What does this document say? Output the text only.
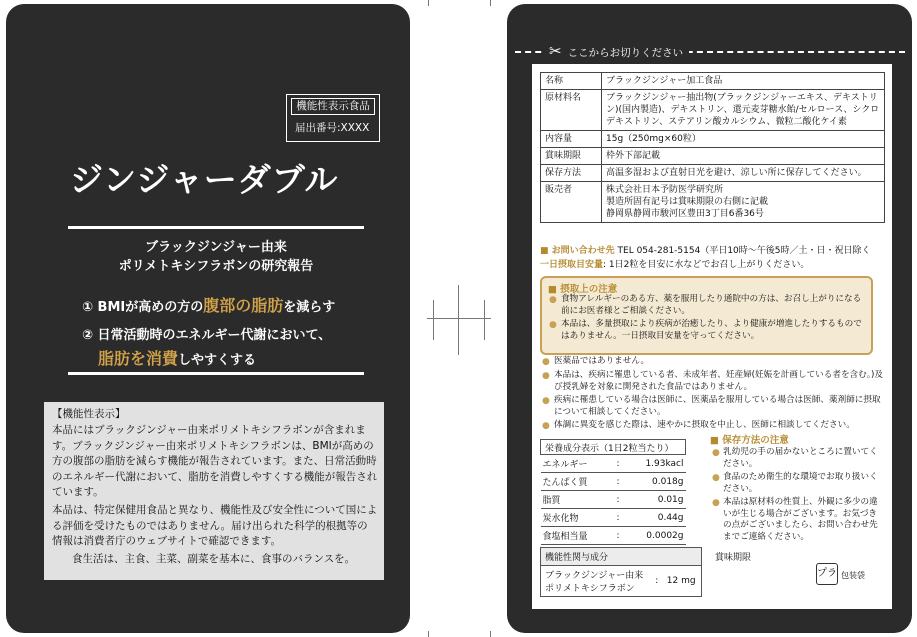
機能性表示食品
届出番号:XXXX
ジンジャーダブル
ブラックジンジャー由来
ポリメトキシフラボンの研究報告
① BMIが高めの方の腹部の脂肪を減らす
② 日常活動時のエネルギー代謝において、
脂肪を消費しやすくする
【機能性表示】

本品にはブラックジンジャー由来ポリメトキシフラボンが含まれます。ブラックジンジャー由来ポリメトキシフラボンは、BMIが高めの方の腹部の脂肪を減らす機能が報告されています。また、日常活動時のエネルギー代謝において、脂肪を消費しやすくする機能が報告されています。

本品は、特定保健用食品と異なり、機能性及び安全性について国による評価を受けたものではありません。届け出られた科学的根拠等の情報は消費者庁のウェブサイトで確認できます。

食生活は、主食、主菜、副菜を基本に、食事のバランスを。

✂ ここからお切りください
名称	ブラックジンジャー加工食品
原材料名	ブラックジンジャー抽出物(ブラックジンジャーエキス、デキストリン)(国内製造)、デキストリン、還元麦芽糖水飴/セルロース、シクロデキストリン、ステアリン酸カルシウム、微粒二酸化ケイ素
内容量	15g（250mg×60粒）
賞味期限	枠外下部記載
保存方法	高温多湿および直射日光を避け、涼しい所に保存してください。
販売者	株式会社日本予防医学研究所
製造所固有記号は賞味期限の右側に記載
静岡県静岡市駿河区豊田3丁目6番36号
■ お問い合わせ先 TEL 054-281-5154（平日10時～午後5時／土・日・祝日除く
一日摂取目安量: 1日2粒を目安に水などでお召し上がりください。
■ 摂取上の注意
● 食物アレルギーのある方、薬を服用したり通院中の方は、お召し上がりになる前にお医者様とご相談ください。

● 本品は、多量摂取により疾病が治癒したり、より健康が増進したりするものではありません。一日摂取目安量を守ってください。

● 医薬品ではありません。

● 本品は、疾病に罹患している者、未成年者、妊産婦(妊娠を計画している者を含む。)及び授乳婦を対象に開発された食品ではありません。

● 疾病に罹患している場合は医師に、医薬品を服用している場合は医師、薬剤師に摂取について相談してください。

● 体調に異変を感じた際は、速やかに摂取を中止し、医師に相談してください。

栄養成分表示（1日2粒当たり）		
エネルギー	:	1.93kacl
たんぱく質	:	0.018g
脂質	:	0.01g
炭水化物	:	0.44g
食塩相当量	:	0.0002g
機能性関与成分
ブラックジンジャー由来
ポリメトキシフラボン	:	12 mg
■ 保存方法の注意
● 乳幼児の手の届かないところに置いてください。

● 食品のため衛生的な環境でお取り扱いください。

● 本品は原材料の性質上、外観に多少の違いが生じる場合がございます。お気づきの点がございましたら、お問い合わせ先までご連絡ください。

賞味期限
プラ 包装袋
